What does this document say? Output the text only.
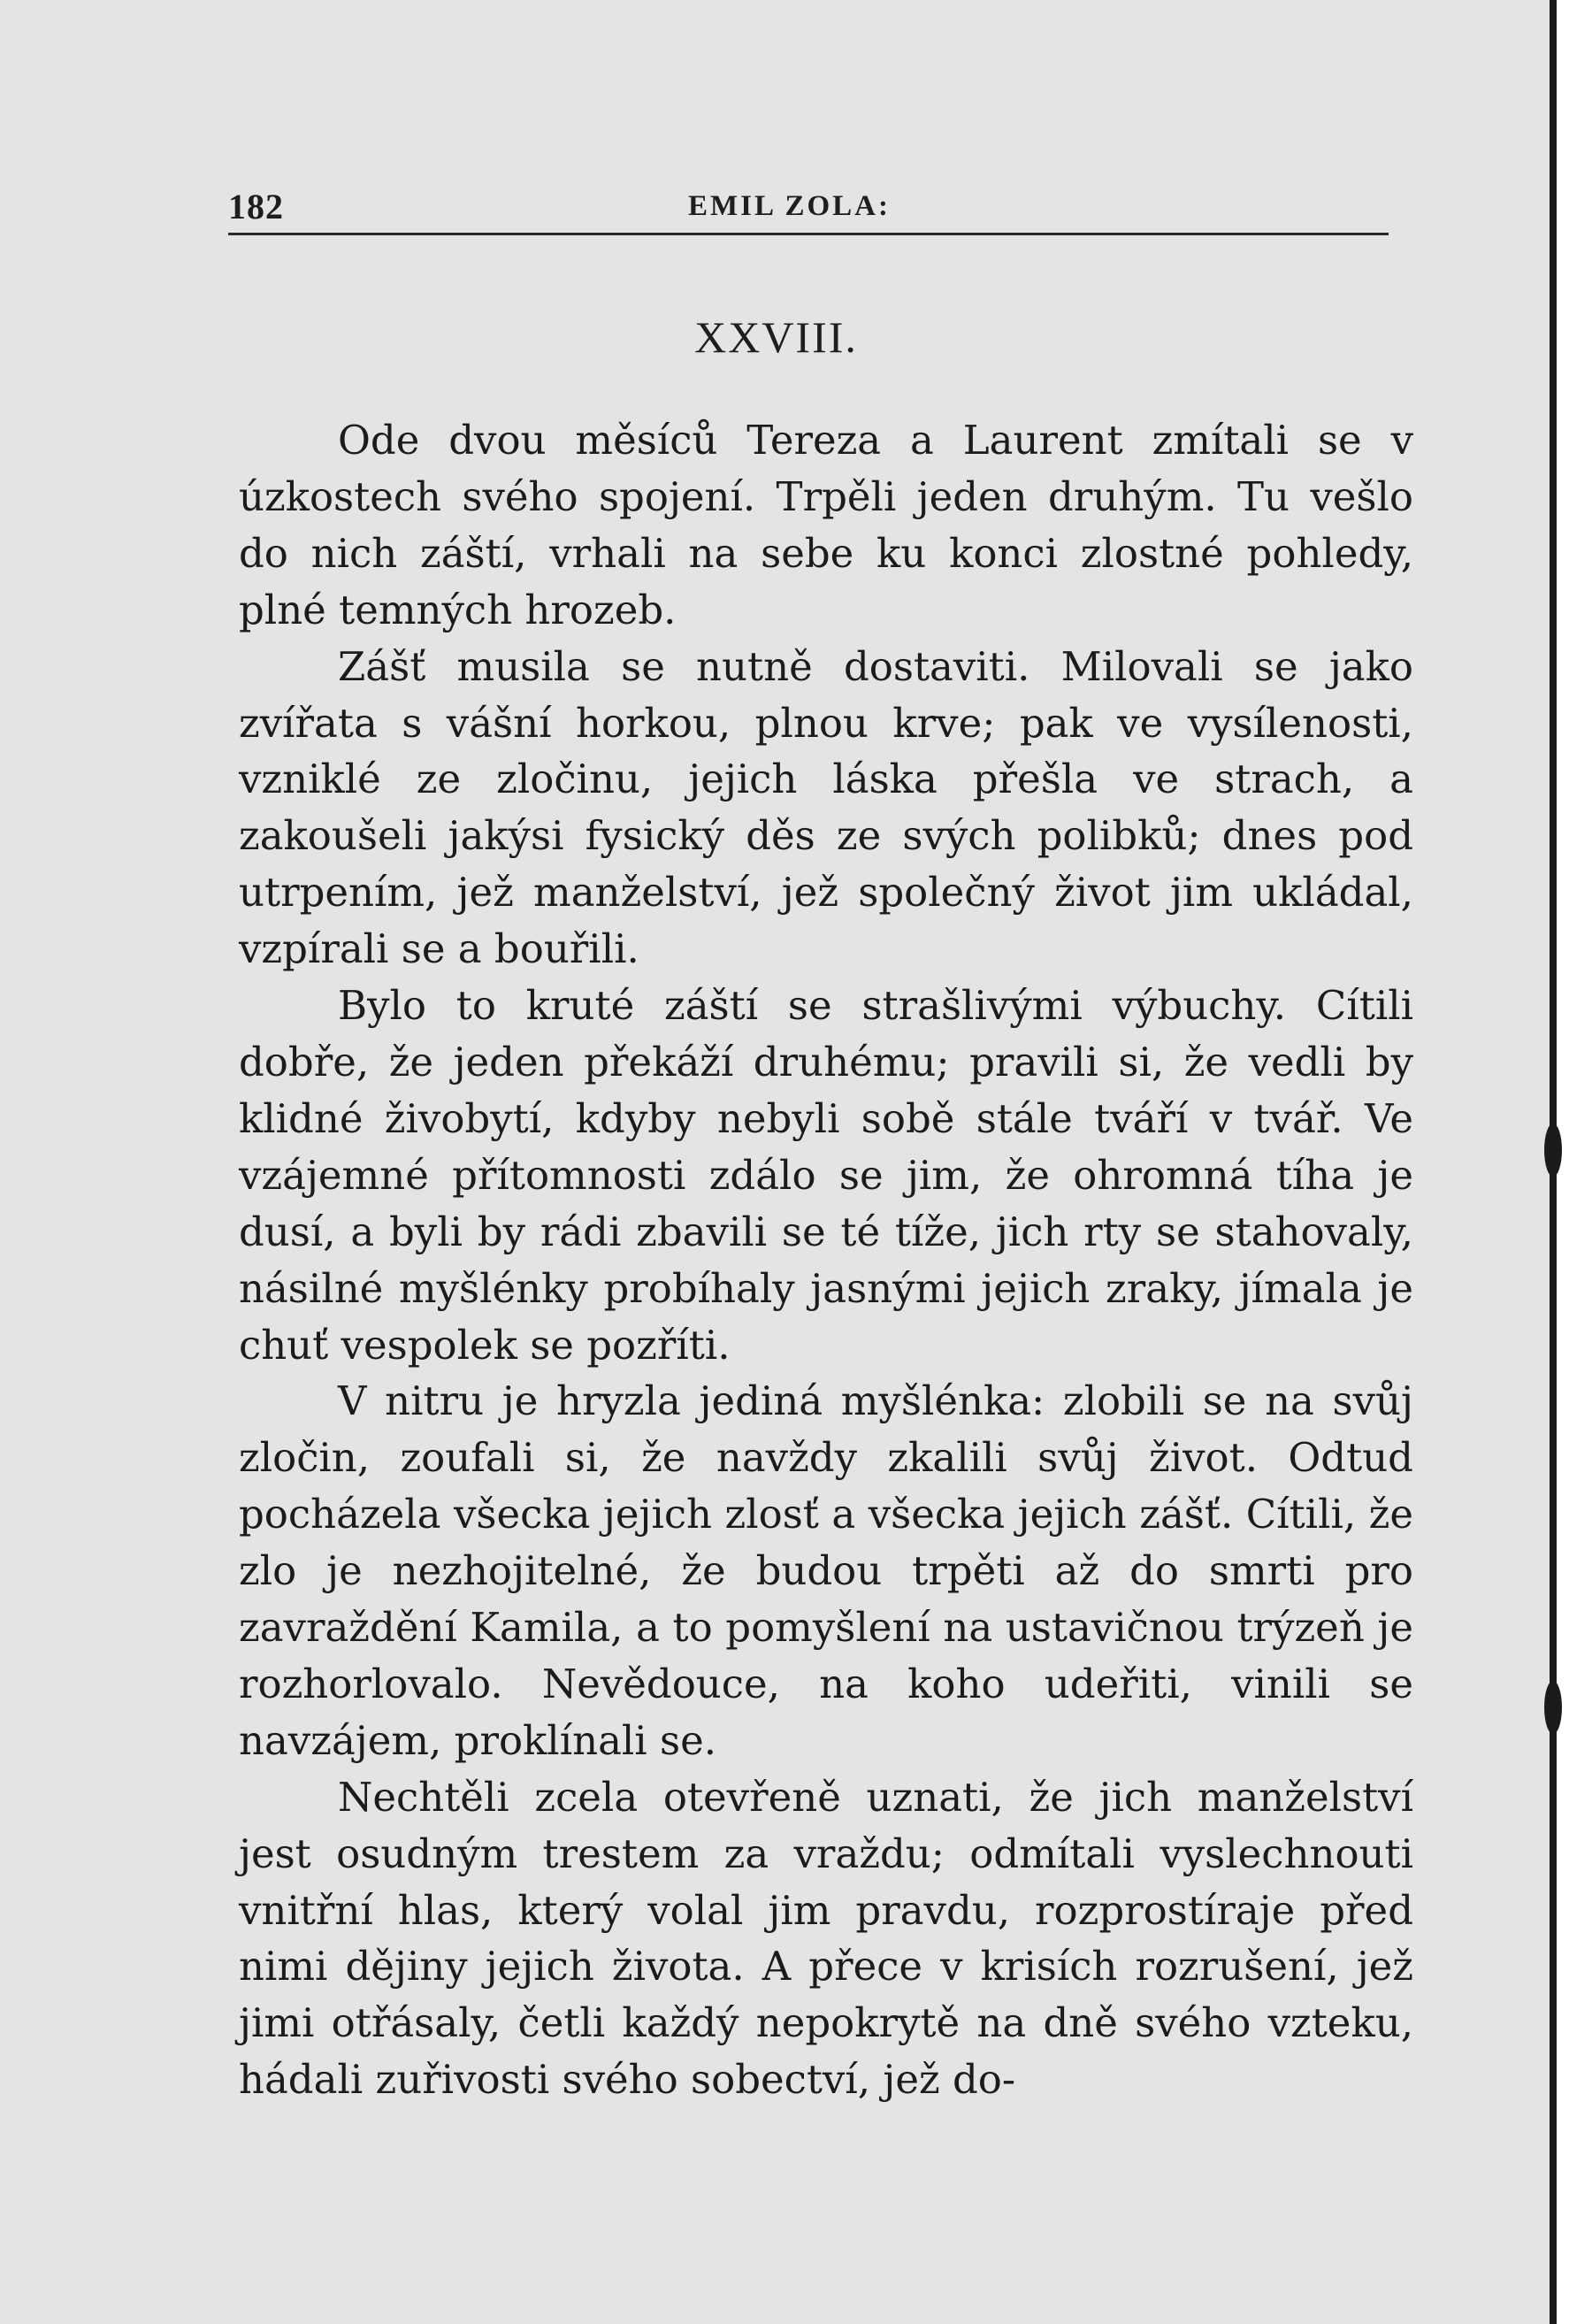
182	EMIL ZOLA:
XXVIII.

Ode dvou měsíců Tereza a Laurent zmítali se v úzkostech svého spojení. Trpěli jeden druhým. Tu vešlo do nich záští, vrhali na sebe ku konci zlostné pohledy, plné temných hrozeb.

Zášť musila se nutně dostaviti. Milovali se jako zvířata s vášní horkou, plnou krve; pak ve vysílenosti, vzniklé ze zločinu, jejich láska přešla ve strach, a zakoušeli jakýsi fysický děs ze svých polibků; dnes pod utrpením, jež manželství, jež společný život jim ukládal, vzpírali se a bouřili.

Bylo to kruté záští se strašlivými výbuchy. Cítili dobře, že jeden překáží druhému; pravili si, že vedli by klidné živobytí, kdyby nebyli sobě stále tváří v tvář. Ve vzájemné přítomnosti zdálo se jim, že ohromná tíha je dusí, a byli by rádi zbavili se té tíže, jich rty se stahovaly, násilné myšlénky probíhaly jasnými jejich zraky, jímala je chuť vespolek se pozříti.

V nitru je hryzla jediná myšlénka: zlobili se na svůj zločin, zoufali si, že navždy zkalili svůj život. Odtud pocházela všecka jejich zlosť a všecka jejich zášť. Cítili, že zlo je nezhojitelné, že budou trpěti až do smrti pro zavraždění Kamila, a to pomyšlení na ustavičnou trýzeň je rozhorlovalo. Nevědouce, na koho udeřiti, vinili se navzájem, proklínali se.

Nechtěli zcela otevřeně uznati, že jich manželství jest osudným trestem za vraždu; odmítali vyslechnouti vnitřní hlas, který volal jim pravdu, rozprostíraje před nimi dějiny jejich života. A přece v krisích rozrušení, jež jimi otřásaly, četli každý nepokrytě na dně svého vzteku, hádali zuřivosti svého sobectví, jež do-
